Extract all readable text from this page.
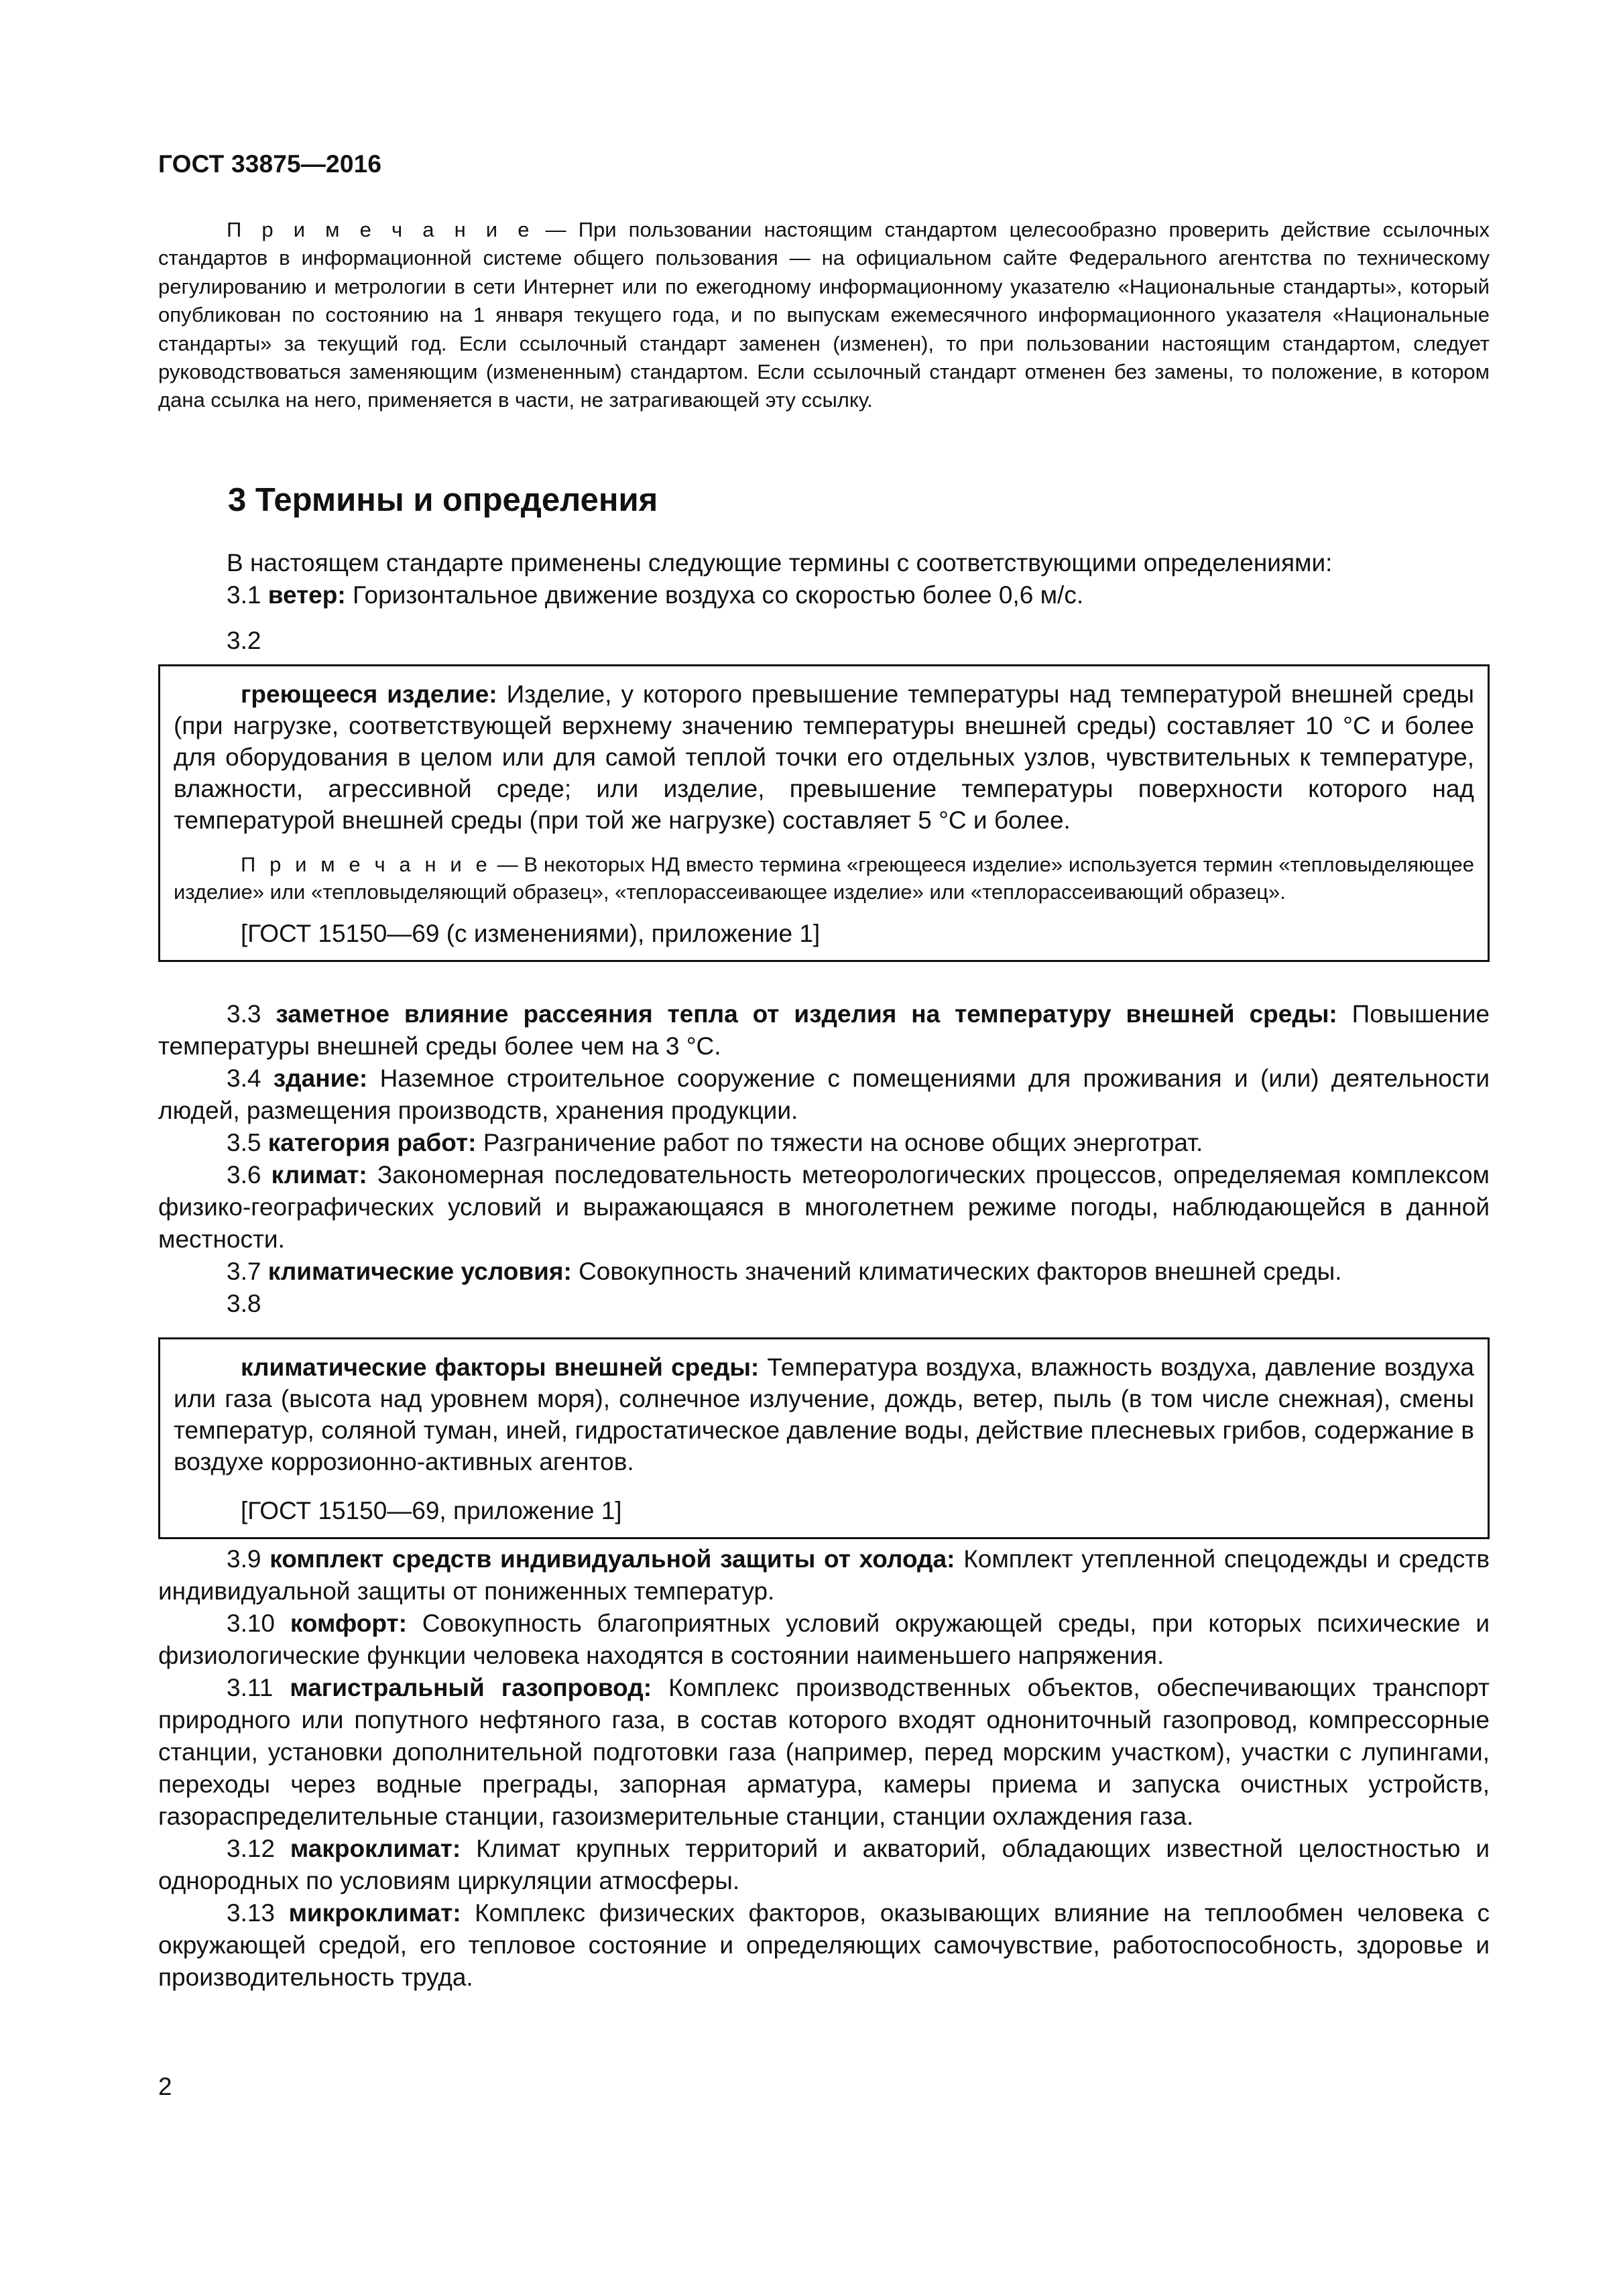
ГОСТ 33875—2016
П р и м е ч а н и е — При пользовании настоящим стандартом целесообразно проверить действие ссылочных стандартов в информационной системе общего пользования — на официальном сайте Федерального агентства по техническому регулированию и метрологии в сети Интернет или по ежегодному информационному указателю «Национальные стандарты», который опубликован по состоянию на 1 января текущего года, и по выпускам ежемесячного информационного указателя «Национальные стандарты» за текущий год. Если ссылочный стандарт заменен (изменен), то при пользовании настоящим стандартом, следует руководствоваться заменяющим (измененным) стандартом. Если ссылочный стандарт отменен без замены, то положение, в котором дана ссылка на него, применяется в части, не затрагивающей эту ссылку.
3 Термины и определения

В настоящем стандарте применены следующие термины с соответствующими определениями:

3.1 ветер: Горизонтальное движение воздуха со скоростью более 0,6 м/с.

3.2

греющееся изделие: Изделие, у которого превышение температуры над температурой внешней среды (при нагрузке, соответствующей верхнему значению температуры внешней среды) составляет 10 °С и более для оборудования в целом или для самой теплой точки его отдельных узлов, чувствительных к температуре, влажности, агрессивной среде; или изделие, превышение температуры поверхности которого над температурой внешней среды (при той же нагрузке) составляет 5 °С и более.

П р и м е ч а н и е — В некоторых НД вместо термина «греющееся изделие» используется термин «тепловыделяющее изделие» или «тепловыделяющий образец», «теплорассеивающее изделие» или «теплорассеивающий образец».

[ГОСТ 15150—69 (с изменениями), приложение 1]

3.3 заметное влияние рассеяния тепла от изделия на температуру внешней среды: Повышение температуры внешней среды более чем на 3 °С.

3.4 здание: Наземное строительное сооружение с помещениями для проживания и (или) деятельности людей, размещения производств, хранения продукции.

3.5 категория работ: Разграничение работ по тяжести на основе общих энерготрат.

3.6 климат: Закономерная последовательность метеорологических процессов, определяемая комплексом физико-географических условий и выражающаяся в многолетнем режиме погоды, наблюдающейся в данной местности.

3.7 климатические условия: Совокупность значений климатических факторов внешней среды.

3.8

климатические факторы внешней среды: Температура воздуха, влажность воздуха, давление воздуха или газа (высота над уровнем моря), солнечное излучение, дождь, ветер, пыль (в том числе снежная), смены температур, соляной туман, иней, гидростатическое давление воды, действие плесневых грибов, содержание в воздухе коррозионно-активных агентов.

[ГОСТ 15150—69, приложение 1]

3.9 комплект средств индивидуальной защиты от холода: Комплект утепленной спецодежды и средств индивидуальной защиты от пониженных температур.

3.10 комфорт: Совокупность благоприятных условий окружающей среды, при которых психические и физиологические функции человека находятся в состоянии наименьшего напряжения.

3.11 магистральный газопровод: Комплекс производственных объектов, обеспечивающих транспорт природного или попутного нефтяного газа, в состав которого входят однониточный газопровод, компрессорные станции, установки дополнительной подготовки газа (например, перед морским участком), участки с лупингами, переходы через водные преграды, запорная арматура, камеры приема и запуска очистных устройств, газораспределительные станции, газоизмерительные станции, станции охлаждения газа.

3.12 макроклимат: Климат крупных территорий и акваторий, обладающих известной целостностью и однородных по условиям циркуляции атмосферы.

3.13 микроклимат: Комплекс физических факторов, оказывающих влияние на теплообмен человека с окружающей средой, его тепловое состояние и определяющих самочувствие, работоспособность, здоровье и производительность труда.

2
